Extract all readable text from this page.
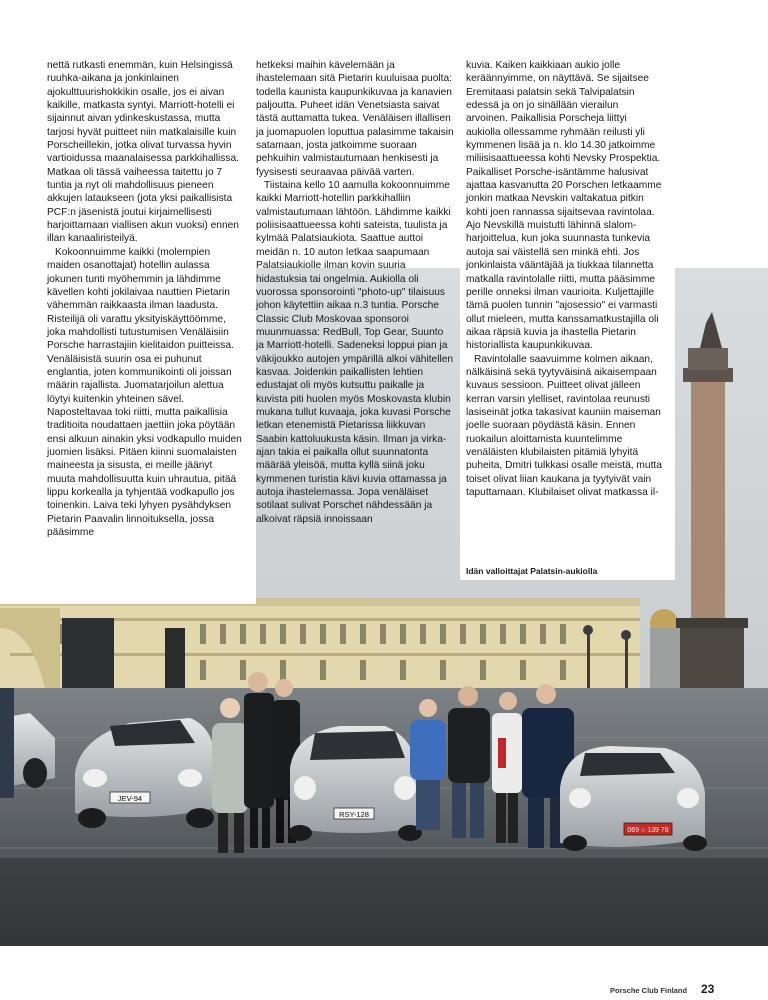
JEV-94
RSY-128
069 ○ 139 78

nettä rutkasti enemmän, kuin Helsingissä ruuhka-aikana ja jonkinlainen ajokulttuurishokkikin osalle, jos ei aivan kaikille, matkasta syntyi. Marriott-hotelli ei sijainnut aivan ydinkeskustassa, mutta tarjosi hyvät puitteet niin matkalaisille kuin Porscheillekin, jotka olivat turvassa hyvin vartioidussa maanalaisessa parkkihallissa. Matkaa oli tässä vaiheessa taitettu jo 7 tuntia ja nyt oli mahdollisuus pieneen akkujen lataukseen (jota yksi paikallisista PCF:n jäsenistä joutui kirjaimellisesti harjoittamaan viallisen akun vuoksi) ennen illan kanaaliristeilyä.

Kokoonnuimme kaikki (molempien maiden osanottajat) hotellin aulassa jokunen tunti myöhemmin ja lähdimme kävellen kohti jokilaivaa nauttien Pietarin vähemmän raikkaasta ilman laadusta. Risteilijä oli varattu yksityiskäyttöömme, joka mahdollisti tutustumisen Venäläisiin Porsche harrastajiin kielitaidon puitteissa. Venäläisistä suurin osa ei puhunut englantia, joten kommunikointi oli joissan määrin rajallista. Juomatarjoilun alettua löytyi kuitenkin yhteinen sävel. Naposteltavaa toki riitti, mutta paikallisia traditioita noudattaen jaettiin joka pöytään ensi alkuun ainakin yksi vodkapullo muiden juomien lisäksi. Pitäen kiinni suomalaisten maineesta ja sisusta, ei meille jäänyt muuta mahdollisuutta kuin uhrautua, pitää lippu korkealla ja tyhjentää vodkapullo jos toinenkin. Laiva teki lyhyen pysähdyksen Pietarin Paavalin linnoituksella, jossa pääsimme

hetkeksi maihin kävelemään ja ihastelemaan sitä Pietarin kuuluisaa puolta: todella kaunista kaupunkikuvaa ja kanavien paljoutta. Puheet idän Venetsiasta saivat tästä auttamatta tukea. Venäläisen illallisen ja juomapuolen loputtua palasimme takaisin satamaan, josta jatkoimme suoraan pehkuihin valmistautumaan henkisesti ja fyysisesti seuraavaa päivää varten.

Tiistaina kello 10 aamulla kokoonnuimme kaikki Marriott-hotellin parkkihalliin valmistautumaan lähtöön. Lähdimme kaikki poliisisaattueessa kohti sateista, tuulista ja kylmää Palatsiaukiota. Saattue auttoi meidän n. 10 auton letkaa saapumaan Palatsiaukiolle ilman kovin suuria hidastuksia tai ongelmia. Aukiolla oli vuorossa sponsorointi "photo-up" tilaisuus johon käytettiin aikaa n.3 tuntia. Porsche Classic Club Moskovaa sponsoroi muunmuassa: RedBull, Top Gear, Suunto ja Marriott-hotelli. Sadeneksi loppui pian ja väkijoukko autojen ympärillä alkoi vähitellen kasvaa. Joidenkin paikallisten lehtien edustajat oli myös kutsuttu paikalle ja kuvista piti huolen myös Moskovasta klubin mukana tullut kuvaaja, joka kuvasi Porsche letkan etenemistä Pietarissa liikkuvan Saabin kattoluukusta käsin. Ilman ja virka-ajan takia ei paikalla ollut suunnatonta määrää yleisöä, mutta kyllä siinä joku kymmenen turistia kävi kuvia ottamassa ja autoja ihastelemassa. Jopa venäläiset sotilaat sulivat Porschet nähdessään ja alkoivat räpsiä innoissaan

kuvia. Kaiken kaikkiaan aukio jolle keräännyimme, on näyttävä. Se sijaitsee Eremitaasi palatsin sekä Talvipalatsin edessä ja on jo sinällään vierailun arvoinen. Paikallisia Porscheja liittyi aukiolla ollessamme ryhmään reilusti yli kymmenen lisää ja n. klo 14.30 jatkoimme miliisisaattueessa kohti Nevsky Prospektia. Paikalliset Porsche-isäntämme halusivat ajattaa kasvanutta 20 Porschen letkaamme jonkin matkaa Nevskin valtakatua pitkin kohti joen rannassa sijaitsevaa ravintolaa. Ajo Nevskillä muistutti lähinnä slalom-harjoittelua, kun joka suunnasta tunkevia autoja sai väistellä sen minkä ehti. Jos jonkinlaista vääntäjää ja tiukkaa tilannetta matkalla ravintolalle riitti, mutta pääsimme perille onneksi ilman vaurioita. Kuljettajille tämä puolen tunnin "ajosessio" ei varmasti ollut mieleen, mutta kanssamatkustajilla oli aikaa räpsiä kuvia ja ihastella Pietarin historiallista kaupunkikuvaa.

Ravintolalle saavuimme kolmen aikaan, nälkäisinä sekä tyytyväisinä aikaisempaan kuvaus sessioon. Puitteet olivat jälleen kerran varsin ylelliset, ravintolaa reunusti lasiseinät jotka takasivat kauniin maiseman joelle suoraan pöydästä käsin. Ennen ruokailun aloittamista kuuntelimme venäläisten klubilaisten pitämiä lyhyitä puheita, Dmitri tulkkasi osalle meistä, mutta toiset olivat liian kaukana ja tyytyivät vain taputtamaan. Klubilaiset olivat matkassa il-

Idän valloittajat Palatsin-aukiolla
Porsche Club Finland 23
